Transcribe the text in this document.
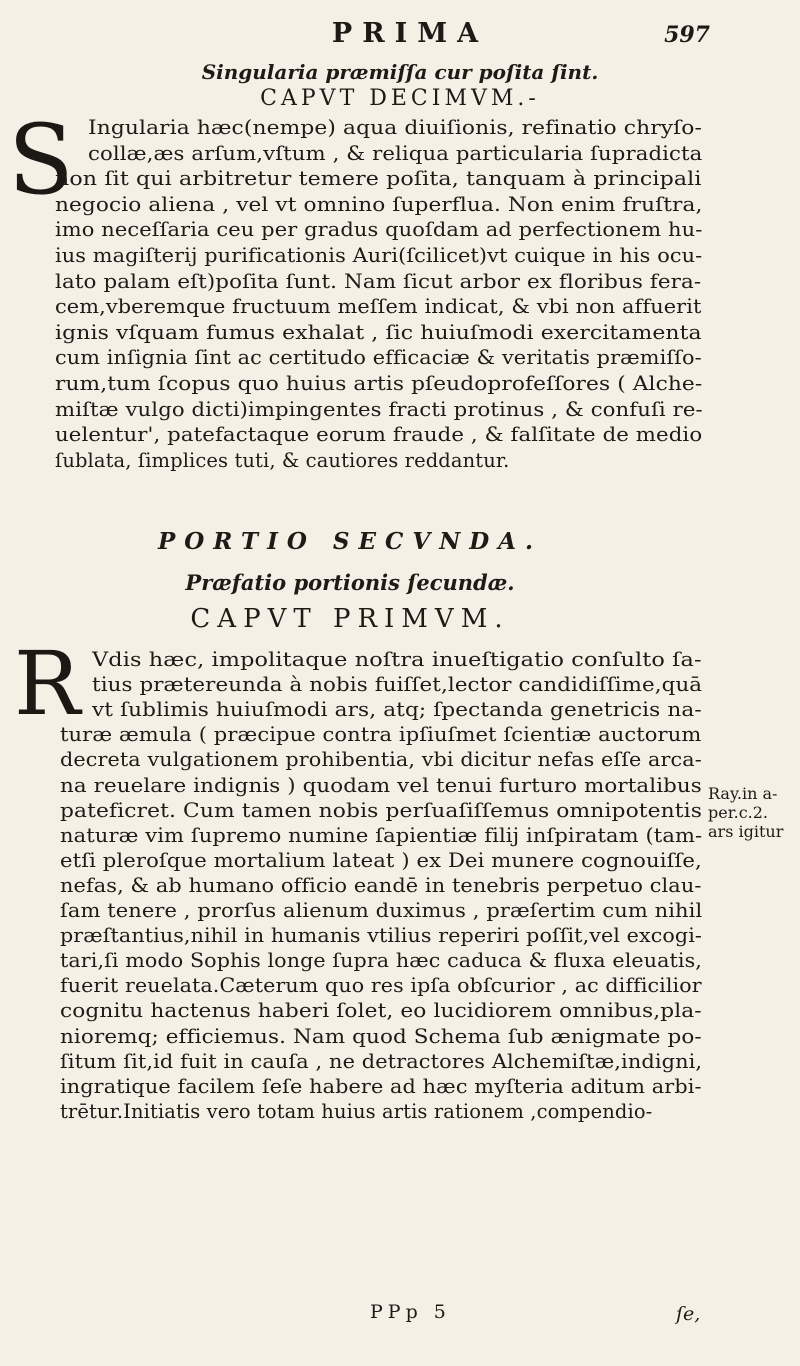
PRIMA	597
Singularia præmiſſa cur poſita ſint.
CAPVT DECIMVM.-
S Ingularia hæc(nempe) aqua diuiſionis, refinatio chryſo-
collæ,æs arſum,vſtum , & reliqua particularia ſupradicta
non ſit qui arbitretur temere poſita, tanquam à principali
negocio aliena , vel vt omnino ſuperflua. Non enim fruſtra,
imo neceſſaria ceu per gradus quoſdam ad perfectionem hu-
ius magiſterij purificationis Auri(ſcilicet)vt cuique in his ocu-
lato palam eſt)poſita ſunt. Nam ſicut arbor ex floribus fera-
cem,vberemque fructuum meſſem indicat, & vbi non affuerit
ignis vſquam fumus exhalat , ſic huiuſmodi exercitamenta
cum inſignia ſint ac certitudo efficaciæ & veritatis præmiſſo-
rum,tum ſcopus quo huius artis pſeudoprofeſſores ( Alche-
miſtæ vulgo dicti)impingentes fracti protinus , & confuſi re-
uelentur', patefactaque eorum fraude , & falſitate de medio
ſublata, ſimplices tuti, & cautiores reddantur.
PORTIO SECVNDA.
Præfatio portionis ſecundæ.
CAPVT PRIMVM.
R Vdis hæc, impolitaque noſtra inueſtigatio conſulto ſa-
tius prætereunda à nobis fuiſſet,lector candidiſſime,quā
vt ſublimis huiuſmodi ars, atq; ſpectanda genetricis na-
turæ æmula ( præcipue contra ipſiuſmet ſcientiæ auctorum
decreta vulgationem prohibentia, vbi dicitur nefas eſſe arca-
na reuelare indignis ) quodam vel tenui furturo mortalibus
pateficret. Cum tamen nobis perſuaſiſſemus omnipotentis
naturæ vim ſupremo numine ſapientiæ filij inſpiratam (tam-
etſi pleroſque mortalium lateat ) ex Dei munere cognouiſſe,
nefas, & ab humano officio eandē in tenebris perpetuo clau-
ſam tenere , prorſus alienum duximus , præſertim cum nihil
præſtantius,nihil in humanis vtilius reperiri poſſit,vel excogi-
tari,ſi modo Sophis longe ſupra hæc caduca & fluxa eleuatis,
fuerit reuelata.Cæterum quo res ipſa obſcurior , ac difficilior
cognitu hactenus haberi ſolet, eo lucidiorem omnibus,pla-
nioremq; efficiemus. Nam quod Schema ſub ænigmate po-
ſitum ſit,id fuit in cauſa , ne detractores Alchemiſtæ,indigni,
ingratique facilem ſeſe habere ad hæc myſteria aditum arbi-
trētur.Initiatis vero totam huius artis rationem ,compendio-
Ray.in a-
per.c.2.
ars igitur
PPp 5	ſe,
